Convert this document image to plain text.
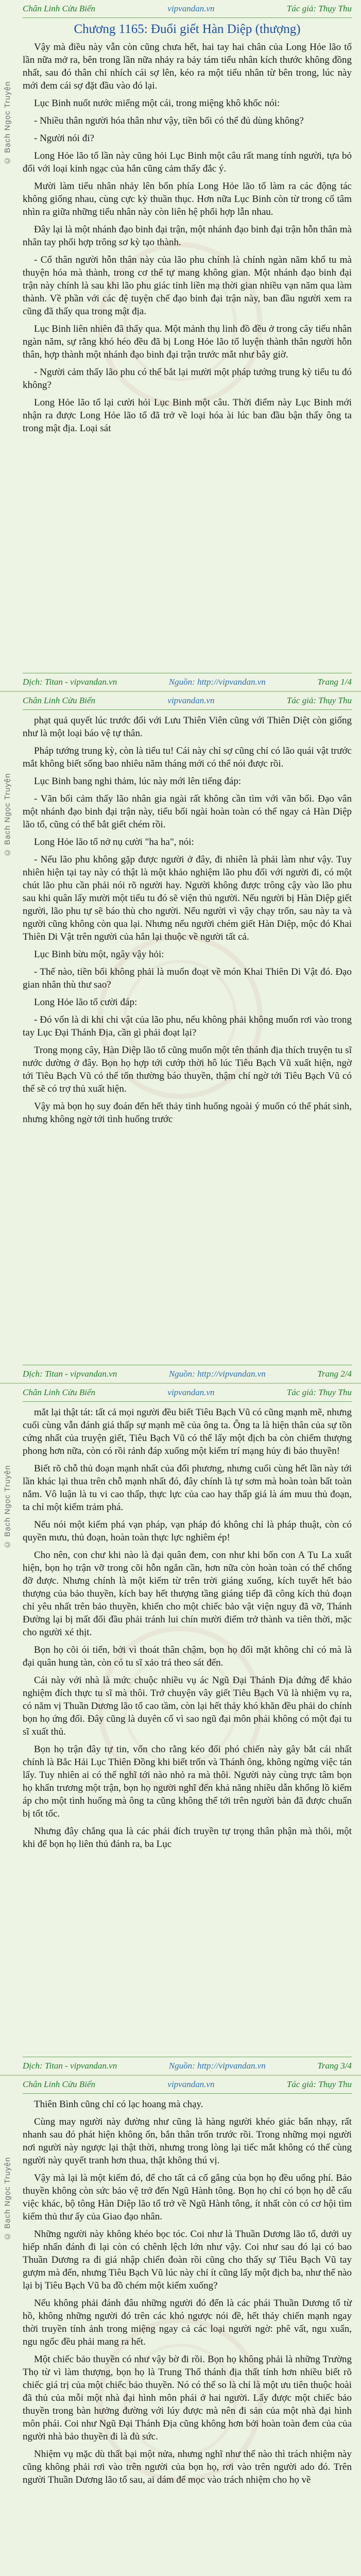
© Bạch Ngọc Truyện
Chân Linh Cửu Biến	vipvandan.vn	Tác giả: Thụy Thu
Chương 1165: Đuổi giết Hàn Diệp (thượng)

Vậy mà điều này vẫn còn cũng chưa hết, hai tay hai chân của Long Hỏe lão tổ lần nữa mở ra, bên trong lần nữa nhảy ra bảy tám tiểu nhân kích thước không đồng nhất, sau đó thân chỉ nhích cái sợ lên, kéo ra một tiểu nhân từ bên trong, lúc này mới đem cái sợ đặt đầu vào đó lại.

Lục Binh nuốt nước miếng một cái, trong miệng khô khốc nói:

- Nhiều thân người hóa thân như vậy, tiền bối có thể đủ dùng không?

- Người nói đi?

Long Hỏe lão tổ lần này cũng hỏi Lục Binh một câu rất mang tính người, tựa bỏ đối với loại kinh ngạc của hắn cũng cảm thấy đắc ý.

Mười làm tiểu nhân nhảy lên bốn phía Long Hỏe lão tổ làm ra các động tác không giống nhau, cùng cực kỳ thuần thục. Hơn nữa Lục Binh còn từ trong cổ tâm nhìn ra giữa những tiểu nhân này còn liên hệ phối hợp lẫn nhau.

Đây lại là một nhánh đạo binh đại trận, một nhánh đạo binh đại trận hỗn thân mà nhân tay phối hợp trông sơ kỳ tạo thành.

- Cổ thân người hỗn thân này của lão phu chính là chính ngàn năm khổ tu mà thuyện hóa mà thành, trong cơ thể tự mang không gian. Một nhánh đạo binh đại trận này chính là sau khi lão phu giác tỉnh liền mạ thời gian nhiều vạn năm qua làm thành. Về phần với các đệ tuyện chế đạo binh đại trận này, ban đầu người xem ra cũng đã thấy qua trong mật địa.

Lục Binh liên nhiên đã thấy qua. Một mảnh thụ linh đồ đều ở trong cây tiểu nhân ngàn năm, sự rằng khó héo đều đã bị Long Hỏe lão tổ luyện thành thân người hỗn thân, hợp thành một nhánh đạo binh đại trận trước mắt như bây giờ.

- Người cảm thấy lão phu có thể bắt lại mười một pháp tướng trung kỳ tiểu tu đó không?

Long Hỏe lão tổ lại cười hỏi Lục Binh một câu. Thời điểm này Lục Binh mới nhận ra được Long Hỏe lão tổ đã trở về loại hóa ài lúc ban đầu bận thấy ông ta trong mật địa. Loại sát

Dịch: Titan - vipvandan.vn	Nguồn: http://vipvandan.vn	Trang 1/4
© Bạch Ngọc Truyện
Chân Linh Cửu Biến	vipvandan.vn	Tác giả: Thụy Thu

phạt quả quyết lúc trước đối với Lưu Thiên Viên cũng với Thiên Diệt còn giống như là một loại báo vệ tự thân.

Pháp tướng trung kỳ, còn là tiểu tu! Cái này chỉ sợ cũng chỉ có lão quái vật trước mắt không biết sống bao nhiêu năm tháng mới có thể nói được rồi.

Lục Binh bang nghi thảm, lúc này mới lên tiếng đáp:

- Vãn bối cảm thấy lão nhân gia ngài rất không cần tìm với vãn bối. Đạo vân một nhánh đạo binh đại trận này, tiểu bối ngài hoàn toàn có thể ngay cả Hàn Diệp lão tổ, cũng có thể bắt giết chém rồi.

Long Hỏe lão tổ nở nụ cười "ha ha", nói:

- Nếu lão phu không gặp được người ở đây, đi nhiên là phải làm như vậy. Tuy nhiên hiện tại tay này có thật là một khảo nghiệm lão phu đối với người đi, có một chút lão phu cần phải nói rõ người hay. Người không được trông cậy vào lão phu sau khi quân lấy mười một tiểu tu đó sẽ viện thủ người. Nếu người bị Hàn Diệp giết người, lão phu tự sẽ báo thù cho người. Nếu người vì vậy chạy trốn, sau này ta và người cũng không còn qua lại. Nhưng nếu người chém giết Hàn Diệp, mộc đó Khai Thiên Di Vật trên người của hắn lại thuộc về người tất cả.

Lục Binh bừu một, ngây vậy hỏi:

- Thế nào, tiền bối không phải là muốn đoạt về món Khai Thiên Di Vật đó. Đạo gian nhân thù thư sao?

Long Hỏe lão tổ cười đáp:

- Đó vốn là di khi chi vật của lão phu, nếu không phải không muốn rơi vào trong tay Lục Đại Thánh Địa, cần gì phải đoạt lại?

Trong mọng cây, Hàn Diệp lão tổ cũng muốn một tên thánh địa thích truyện tu sĩ nước dường ở đây. Bọn họ hợp tới cướp thời hô lúc Tiêu Bạch Vũ xuất hiện, ngờ tới Tiêu Bạch Vũ có thể tốn thường báo thuyền, thậm chí ngờ tới Tiêu Bạch Vũ có thể sẽ có trợ thủ xuất hiện.

Vậy mà bọn họ suy đoán đến hết thảy tình huống ngoài ý muốn có thể phát sinh, nhưng không ngờ tới tình huống trước

Dịch: Titan - vipvandan.vn	Nguồn: http://vipvandan.vn	Trang 2/4
© Bạch Ngọc Truyện
Chân Linh Cửu Biến	vipvandan.vn	Tác giả: Thụy Thu

mắt lại thật tát: tất cả mọi người đều biết Tiêu Bạch Vũ có cũng mạnh mẽ, nhưng cuối cùng vẫn đánh giá thấp sự mạnh mẽ của ông ta. Ông ta là hiện thân của sự tồn cứng nhất của truyện giết, Tiêu Bạch Vũ có thể lấy một địch ba còn chiếm thượng phong hơn nữa, còn có rồi rảnh đáp xuống một kiếm trí mạng hủy đi bảo thuyền!

Biết rõ chỗ thủ đoạn mạnh nhất của đối phương, nhưng cuối cùng hết lần này tới lần khác lại thua trên chỗ mạnh nhất đó, đây chính là tự sơm mà hoàn toàn bất toàn nắm. Vô luận là tu vi cao thấp, thực lực của cao hay thấp giá là ám muu thủ đoạn, ta chỉ một kiếm trảm phá.

Nếu nói một kiếm phá vạn pháp, vạn pháp đó không chỉ là pháp thuật, còn có quyền mưu, thủ đoạn, hoàn toàn thực lực nghiêm ép!

Cho nên, con chư khi nào là đại quân đem, con như khi bốn con A Tu La xuất hiện, bọn họ trận vỡ trong cõi hỗn ngắn cần, hơn nữa còn hoàn toàn có thể chống đỡ được. Nhưng chính là một kiếm từ trên trời giáng xuống, kích tuyết hết bảo thượng của bảo thuyền, kích bay hết thượng tầng giáng tiếp đã công kích thủ đoạn chỉ yêu nhất trên bảo thuyền, khiến cho một chiếc bảo vật viện nguy đã vỡ, Thánh Đường lại bị mất đối đầu phải tránh lui chín mười điểm trở thành va tiên thời, mặc cho người xé thịt.

Bọn họ cõi ói tiến, bởi vì thoát thân chậm, bọn họ đối mặt không chỉ có mà là đại quân hung tàn, còn có tu sĩ xảo trá theo sát đến.

Cái này với nhà là mức chuộc nhiều vụ ác Ngũ Đại Thánh Địa đứng để khảo nghiệm đích thực tu sĩ mà thôi. Trở chuyện vây giết Tiêu Bạch Vũ là nhiệm vụ ra, có năm vị Thuần Dương lão tổ cao tầm, còn lại hết thảy khó khăn đều phải do chính bọn họ ứng đối. Đây cũng là duyên cố vì sao ngũ đại môn phái không có một đại tu sĩ xuất thủ.

Bọn họ trận đây tự tin, vốn cho rằng kéo đối phó chiến này gây bắt cái nhất chính là Bắc Hải Lục Thiên Đồng khi biết trốn và Thánh ông, không ngừng việc tán lấy. Tuy nhiên ai có thể nghĩ tới nào nhỏ ra mà thôi. Người này cùng trực tâm bọn họ khẩn trương một trận, bọn họ người nghĩ đến khả năng nhiều dẫn khổng lồ kiếm áp cho một tình huống mà ông ta cũng không thể tới trên người bản đã được chuẩn bị tốt tốc.

Nhưng đây chẳng qua là các phái đích truyền tự trọng thân phận mà thôi, một khi để bọn họ liên thủ đánh ra, ba Lục

Dịch: Titan - vipvandan.vn	Nguồn: http://vipvandan.vn	Trang 3/4
© Bạch Ngọc Truyện
Chân Linh Cửu Biến	vipvandan.vn	Tác giả: Thụy Thu

Thiên Bình cũng chỉ có lạc hoang mà chạy.

Cùng may người này đường như cũng là hàng người khéo giác bẩn nhạy, rất nhanh sau đó phát hiện không ổn, bắn thân trốn trước rồi. Trong những mọi người nơi người này ngược lại thật thời, nhưng trong lòng lại tiếc mắt không có thể cùng người này quyết tranh hơn thua, thật không thú vị.

Vậy mà lại là một kiếm đó, để cho tất cả cố gắng của bọn họ đều uổng phí. Bảo thuyền không còn sức bảo vệ trở đến Ngũ Hành tông. Bọn họ chỉ có bọn họ dễ cấu việc khác, bộ tông Hàn Diệp lão tổ trở về Ngũ Hành tông, ít nhất còn có cơ hội tìm kiếm thủ thư ấy của Giao đạo nhân.

Những người này không khéo bọc tóc. Coi như là Thuần Dương lão tổ, dưới uy hiếp nhấn đánh đi lại còn có chênh lệch lớn như vậy. Coi như sau đó lại có bao Thuần Dương ra đi giá nhập chiến đoàn rồi cũng cho thấy sự Tiêu Bạch Vũ tay gượm mà đến, nhưng Tiêu Bạch Vũ lúc này chỉ ít cũng lấy một địch ba, như thế nào lại bị Tiêu Bạch Vũ ba đồ chém một kiếm xuống?

Nếu không phải đánh đâu những người đó đến là các phái Thuần Dương tổ từ hồ, không những người đó trên các khó ngược nói đề, hết thảy chiến mạnh ngay thời truyền tính ảnh trong miệng ngay cả các loại người ngờ: phê vất, ngu xuẩn, ngu ngốc đều phải mang ra hết.

Một chiếc bảo thuyền có như vậy bờ đi rồi. Bọn họ không phải là những Trường Thọ từ vì làm thượng, bọn họ là Trung Thổ thánh địa thất tính hơn nhiều biết rõ chiếc giá trị của một chiếc bảo thuyền. Nó có thể so là chỉ là một ưu tiên thuộc hoài đã thủ của mỗi một nhà đại hình môn phái ở hai người. Lấy được một chiếc bảo thuyền trong bàn hưởng đường với lúy được mà nên đi sản của một nhà đại hình môn phái. Coi như Ngũ Đại Thánh Địa cũng không hơn bởi hoàn toàn đem của của người nhà bảo thuyền đi là đủ sức.

Nhiệm vụ mặc dù thất bại một nửa, nhưng nghĩ như thế nào thì trách nhiệm này cũng không phải rơi vào trên người của bọn họ, rơi vào trên người ado đó. Trên người Thuần Dương lão tổ sau, ai dám để mọc vào trách nhiệm cho họ về
